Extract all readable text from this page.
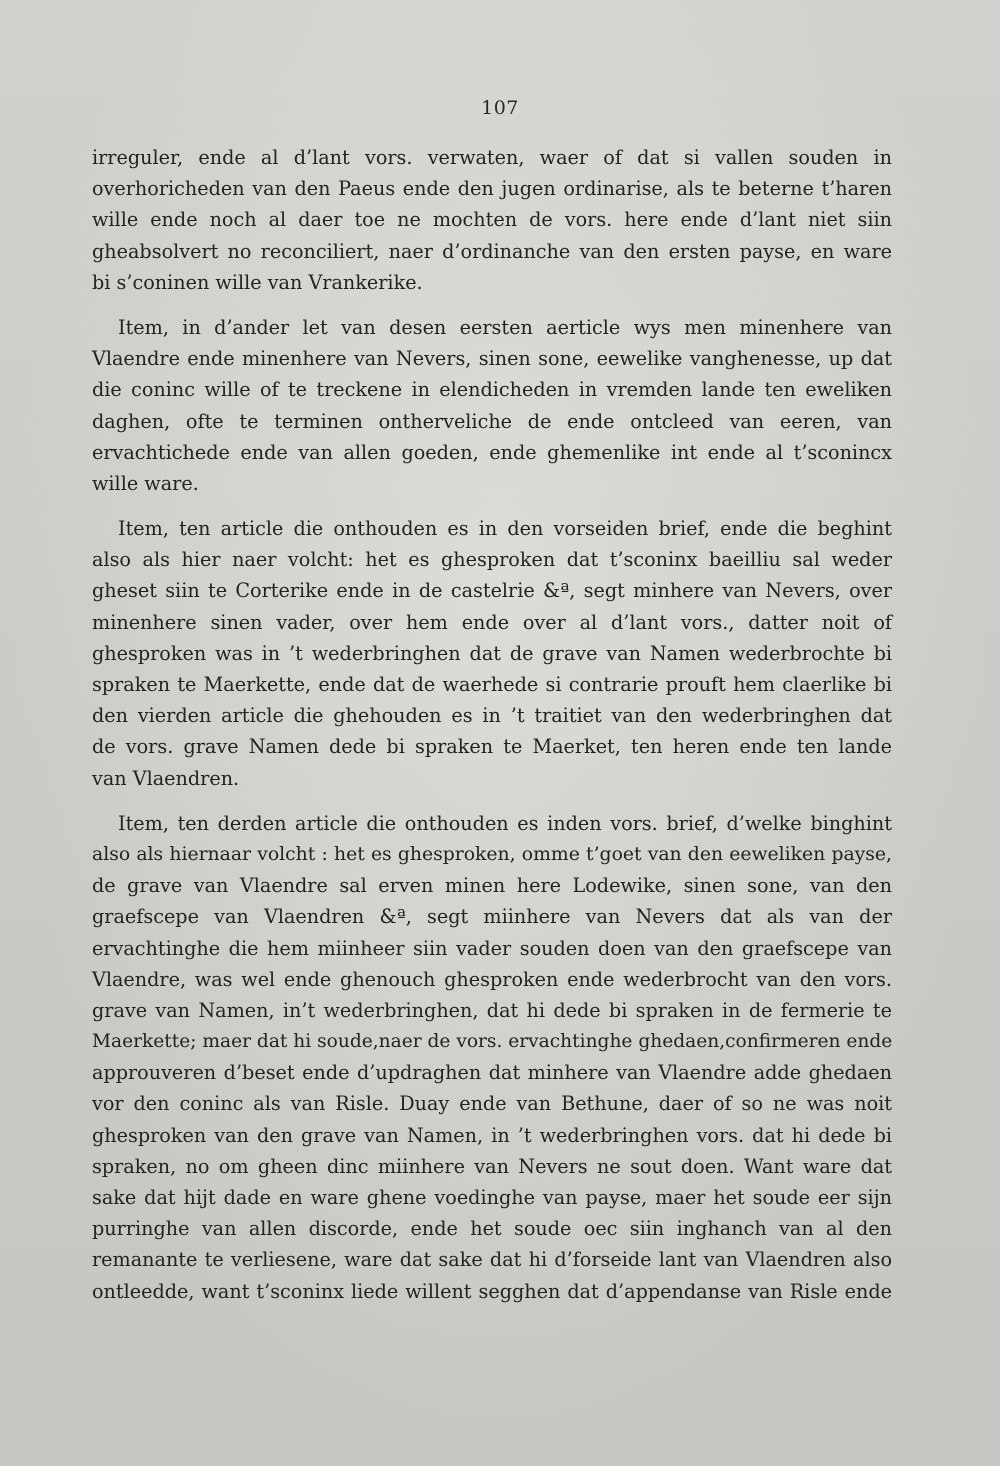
107

irreguler, ende al d’lant vors. verwaten, waer of dat si vallen souden in
overhoricheden van den Paeus ende den jugen ordinarise, als te beterne t’haren
wille ende noch al daer toe ne mochten de vors. here ende d’lant niet siin
gheabsolvert no reconciliert, naer d’ordinanche van den ersten payse, en ware
bi s’coninen wille van Vrankerike.

Item, in d’ander let van desen eersten aerticle wys men minenhere van
Vlaendre ende minenhere van Nevers, sinen sone, eewelike vanghenesse, up dat
die coninc wille of te treckene in elendicheden in vremden lande ten eweliken
daghen, ofte te terminen ontherveliche de ende ontcleed van eeren, van
ervachtichede ende van allen goeden, ende ghemenlike int ende al t’sconincx
wille ware.

Item, ten article die onthouden es in den vorseiden brief, ende die beghint
also als hier naer volcht: het es ghesproken dat t’sconinx baeilliu sal weder
gheset siin te Corterike ende in de castelrie &ª, segt minhere van Nevers, over
minenhere sinen vader, over hem ende over al d’lant vors., datter noit of
ghesproken was in ’t wederbringhen dat de grave van Namen wederbrochte bi
spraken te Maerkette, ende dat de waerhede si contrarie prouft hem claerlike bi
den vierden article die ghehouden es in ’t traitiet van den wederbringhen dat
de vors. grave Namen dede bi spraken te Maerket, ten heren ende ten lande
van Vlaendren.

Item, ten derden article die onthouden es inden vors. brief, d’welke binghint
also als hiernaar volcht : het es ghesproken, omme t’goet van den eeweliken payse,
de grave van Vlaendre sal erven minen here Lodewike, sinen sone, van den
graefscepe van Vlaendren &ª, segt miinhere van Nevers dat als van der
ervachtinghe die hem miinheer siin vader souden doen van den graefscepe van
Vlaendre, was wel ende ghenouch ghesproken ende wederbrocht van den vors.
grave van Namen, in’t wederbringhen, dat hi dede bi spraken in de fermerie te
Maerkette; maer dat hi soude,naer de vors. ervachtinghe ghedaen,confirmeren ende
approuveren d’beset ende d’updraghen dat minhere van Vlaendre adde ghedaen
vor den coninc als van Risle. Duay ende van Bethune, daer of so ne was noit
ghesproken van den grave van Namen, in ’t wederbringhen vors. dat hi dede bi
spraken, no om gheen dinc miinhere van Nevers ne sout doen. Want ware dat
sake dat hijt dade en ware ghene voedinghe van payse, maer het soude eer sijn
purringhe van allen discorde, ende het soude oec siin inghanch van al den
remanante te verliesene, ware dat sake dat hi d’forseide lant van Vlaendren also
ontleedde, want t’sconinx liede willent segghen dat d’appendanse van Risle ende
